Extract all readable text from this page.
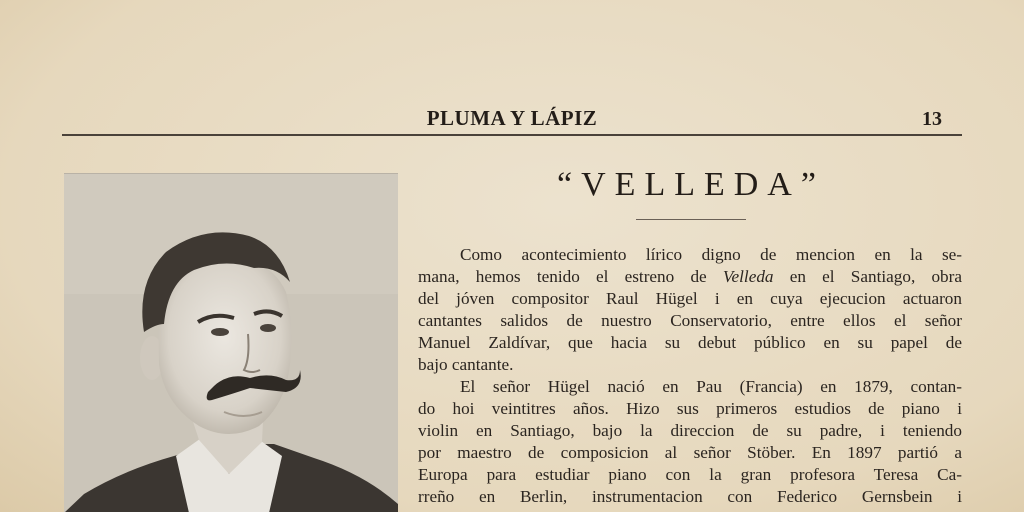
PLUMA Y LÁPIZ	13
“VELLEDA”
Como acontecimiento lírico digno de mencion en la se-
mana, hemos tenido el estreno de Velleda en el Santiago, obra
del jóven compositor Raul Hügel i en cuya ejecucion actuaron
cantantes salidos de nuestro Conservatorio, entre ellos el señor
Manuel Zaldívar, que hacia su debut público en su papel de
bajo cantante.
El señor Hügel nació en Pau (Francia) en 1879, contan-
do hoi veintitres años. Hizo sus primeros estudios de piano i
violin en Santiago, bajo la direccion de su padre, i teniendo
por maestro de composicion al señor Stöber. En 1897 partió a
Europa para estudiar piano con la gran profesora Teresa Ca-
rreño en Berlin, instrumentacion con Federico Gernsbein i
